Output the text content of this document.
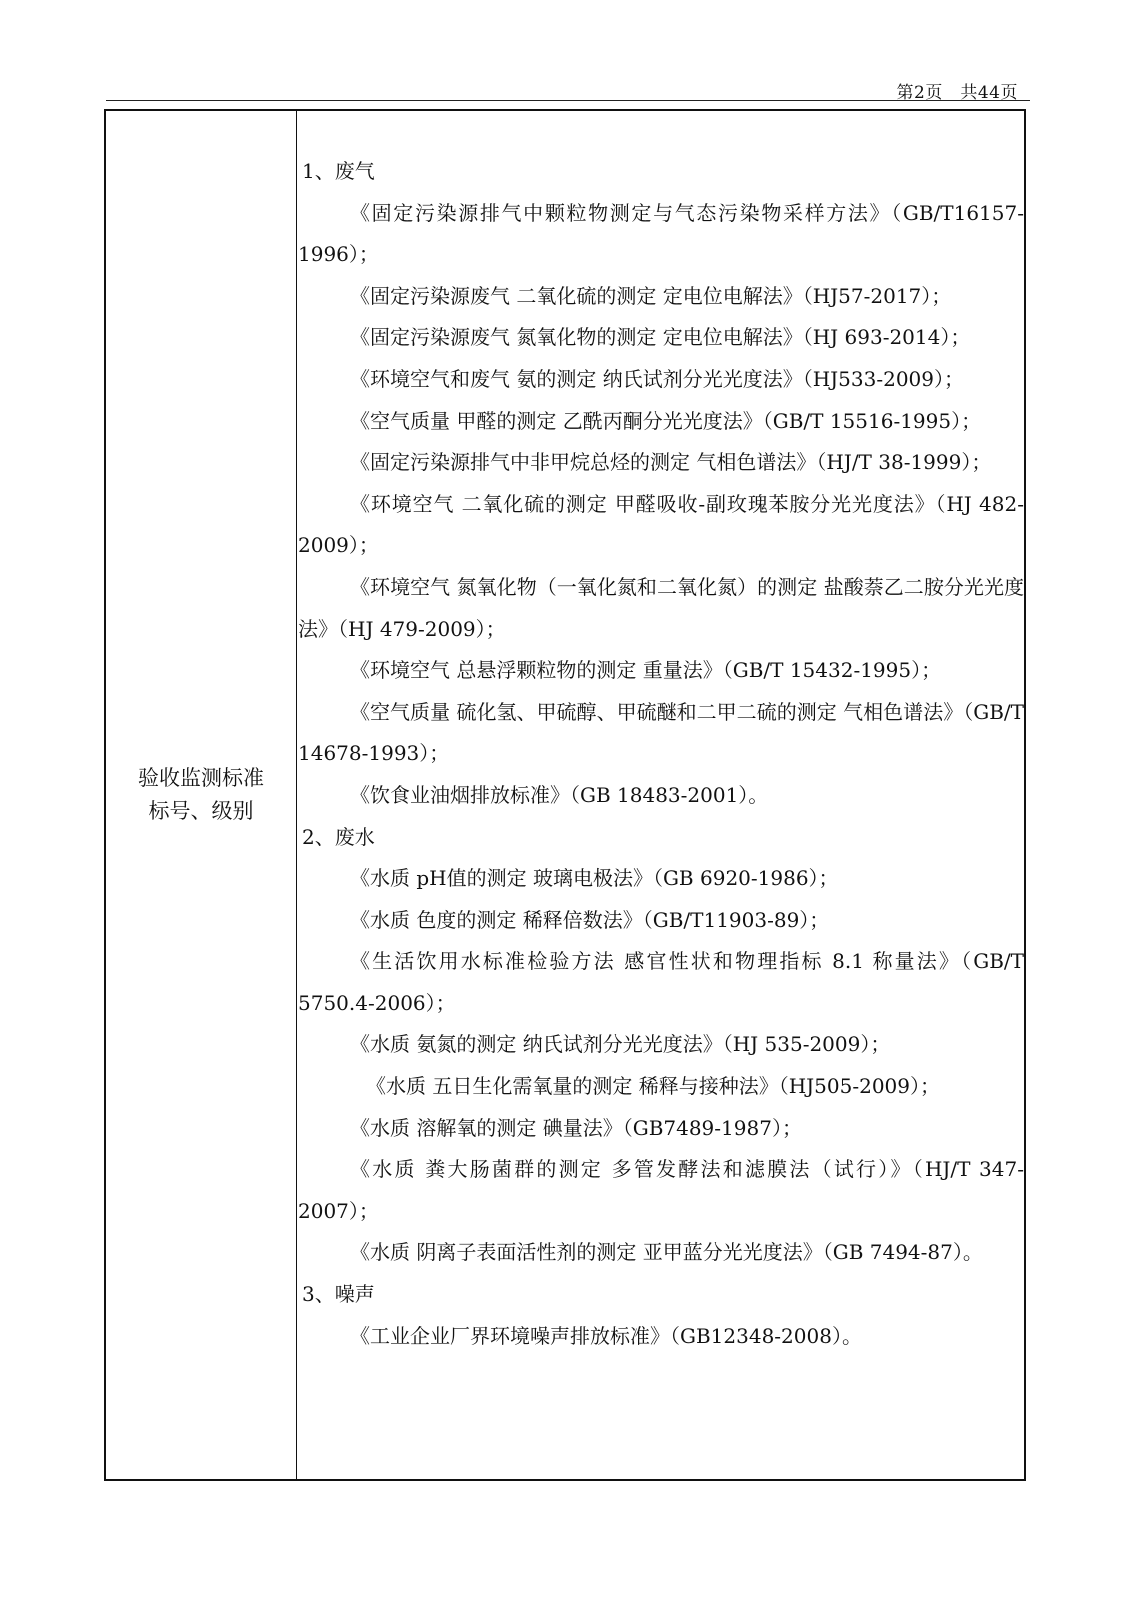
第2页　共44页
验收监测标准
标号、级别

1、废气

《固定污染源排气中颗粒物测定与气态污染物采样方法》（GB/T16157-1996）；

《固定污染源废气 二氧化硫的测定 定电位电解法》（HJ57-2017）；

《固定污染源废气 氮氧化物的测定 定电位电解法》（HJ 693-2014）；

《环境空气和废气 氨的测定 纳氏试剂分光光度法》（HJ533-2009）；

《空气质量 甲醛的测定 乙酰丙酮分光光度法》（GB/T 15516-1995）；

《固定污染源排气中非甲烷总烃的测定 气相色谱法》（HJ/T 38-1999）；

《环境空气 二氧化硫的测定 甲醛吸收-副玫瑰苯胺分光光度法》（HJ 482-2009）；

《环境空气 氮氧化物（一氧化氮和二氧化氮）的测定 盐酸萘乙二胺分光光度法》（HJ 479-2009）；

《环境空气 总悬浮颗粒物的测定 重量法》（GB/T 15432-1995）；

《空气质量 硫化氢、甲硫醇、甲硫醚和二甲二硫的测定 气相色谱法》（GB/T 14678-1993）；

《饮食业油烟排放标准》（GB 18483-2001）。

2、废水

《水质 pH值的测定 玻璃电极法》（GB 6920-1986）；

《水质 色度的测定 稀释倍数法》（GB/T11903-89）；

《生活饮用水标准检验方法 感官性状和物理指标 8.1 称量法》（GB/T 5750.4-2006）；

《水质 氨氮的测定 纳氏试剂分光光度法》（HJ 535-2009）；

《水质 五日生化需氧量的测定 稀释与接种法》（HJ505-2009）；

《水质 溶解氧的测定 碘量法》（GB7489-1987）；

《水质 粪大肠菌群的测定 多管发酵法和滤膜法（试行）》（HJ/T 347-2007）；

《水质 阴离子表面活性剂的测定 亚甲蓝分光光度法》（GB 7494-87）。

3、噪声

《工业企业厂界环境噪声排放标准》（GB12348-2008）。
